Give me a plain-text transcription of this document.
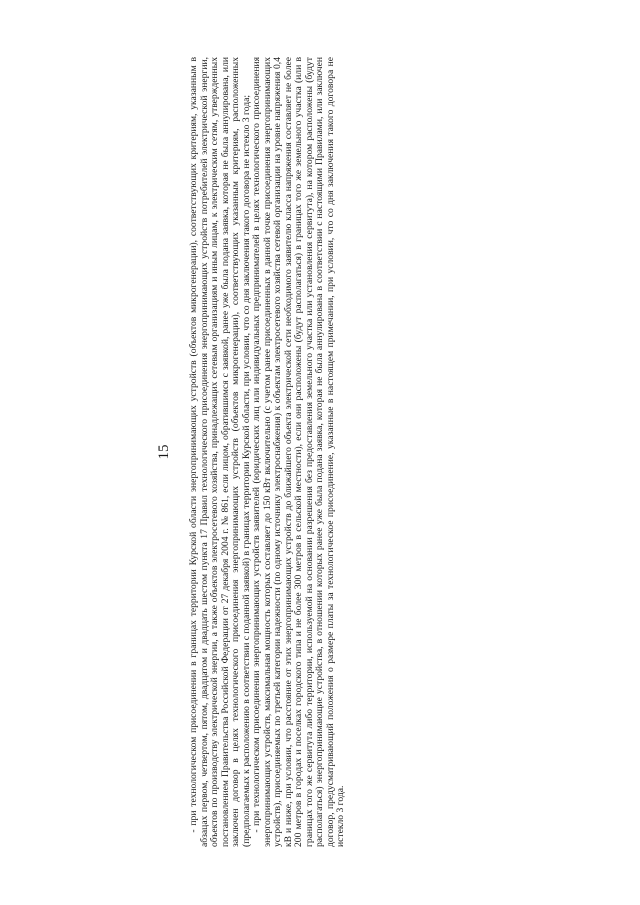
15 - при технологическом присоединении в границах территории Курской области энергопринимающих устройств (объектов микрогенерации), соответствующих критериям, указанным в абзацах первом, четвертом, пятом, двадцатом и двадцать шестом пункта 17 Правил технологического присоединения энергопринимающих устройств потребителей электрической энергии, объектов по производству электрической энергии, а также объектов электросетевого хозяйства, принадлежащих сетевым организациям и иным лицам, к электрическим сетям, утвержденных постановлением Правительства Российской Федерации от 27 декабря 2004 г. № 861, если лицом, обратившимся с заявкой, ранее уже была подана заявка, которая не была аннулирована, или заключен договор в целях технологического присоединения энергопринимающих устройств (объектов микрогенерации), соответствующих указанным критериям, расположенных (предполагаемых к расположению в соответствии с поданной заявкой) в границах территории Курской области, при условии, что со дня заключения такого договора не истекло 3 года; - при технологическом присоединении энергопринимающих устройств заявителей (юридических лиц или индивидуальных предпринимателей в целях технологического присоединения энергопринимающих устройств, максимальная мощность которых составляет до 150 кВт включительно (с учетом ранее присоединенных в данной точке присоединения энергопринимающих устройств), присоединяемых по третьей категории надежности (по одному источнику электроснабжения) к объектам электросетевого хозяйства сетевой организации на уровне напряжения 0,4 кВ и ниже, при условии, что расстояние от этих энергопринимающих устройств до ближайшего объекта электрической сети необходимого заявителю класса напряжения составляет не более 200 метров в городах и поселках городского типа и не более 300 метров в сельской местности), если они расположены (будут располагаться) в границах того же земельного участка (или в границах того же сервитута либо территории, используемой на основании разрешения без предоставления земельного участка или установления сервитута), на котором расположены (будут располагаться) энергопринимающие устройства, в отношении которых ранее уже была подана заявка, которая не была аннулирована в соответствии с настоящими Правилами, или заключен договор, предусматривающий положения о размере платы за технологическое присоединение, указанные в настоящем примечании, при условии, что со дня заключения такого договора не истекло 3 года.
